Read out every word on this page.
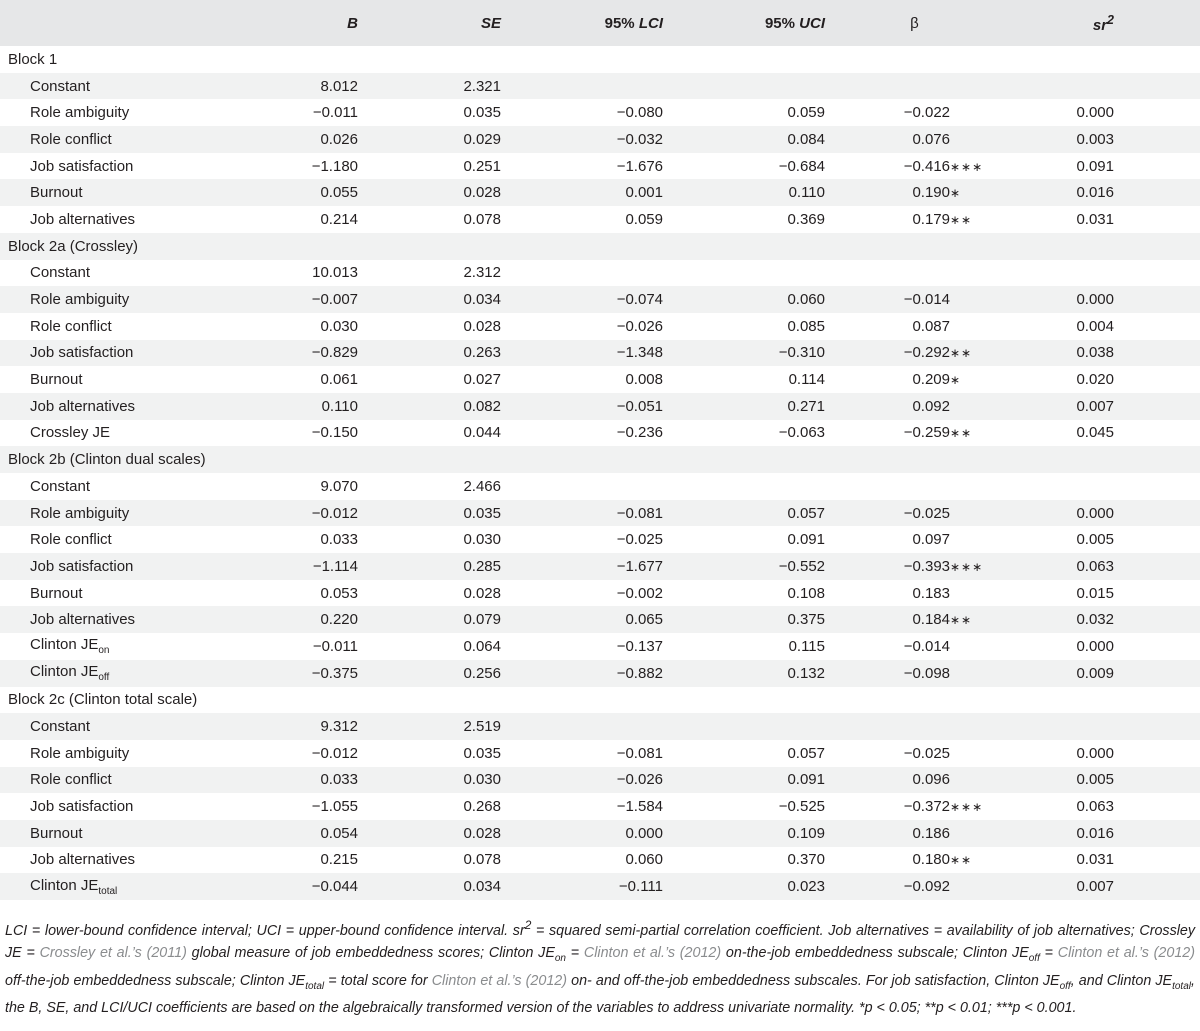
	B	SE	95% LCI	95% UCI	β	$sr^2$
Block 1						
Constant	8.012	2.321				
Role ambiguity	−0.011	0.035	−0.080	0.059	−0.022	0.000
Role conflict	0.026	0.029	−0.032	0.084	0.076	0.003
Job satisfaction	−1.180	0.251	−1.676	−0.684	−0.416∗∗∗	0.091
Burnout	0.055	0.028	0.001	0.110	0.190∗	0.016
Job alternatives	0.214	0.078	0.059	0.369	0.179∗∗	0.031
Block 2a (Crossley)						
Constant	10.013	2.312				
Role ambiguity	−0.007	0.034	−0.074	0.060	−0.014	0.000
Role conflict	0.030	0.028	−0.026	0.085	0.087	0.004
Job satisfaction	−0.829	0.263	−1.348	−0.310	−0.292∗∗	0.038
Burnout	0.061	0.027	0.008	0.114	0.209∗	0.020
Job alternatives	0.110	0.082	−0.051	0.271	0.092	0.007
Crossley JE	−0.150	0.044	−0.236	−0.063	−0.259∗∗	0.045
Block 2b (Clinton dual scales)						
Constant	9.070	2.466				
Role ambiguity	−0.012	0.035	−0.081	0.057	−0.025	0.000
Role conflict	0.033	0.030	−0.025	0.091	0.097	0.005
Job satisfaction	−1.114	0.285	−1.677	−0.552	−0.393∗∗∗	0.063
Burnout	0.053	0.028	−0.002	0.108	0.183	0.015
Job alternatives	0.220	0.079	0.065	0.375	0.184∗∗	0.032
Clinton $JE_{on}$	−0.011	0.064	−0.137	0.115	−0.014	0.000
Clinton $JE_{off}$	−0.375	0.256	−0.882	0.132	−0.098	0.009
Block 2c (Clinton total scale)						
Constant	9.312	2.519				
Role ambiguity	−0.012	0.035	−0.081	0.057	−0.025	0.000
Role conflict	0.033	0.030	−0.026	0.091	0.096	0.005
Job satisfaction	−1.055	0.268	−1.584	−0.525	−0.372∗∗∗	0.063
Burnout	0.054	0.028	0.000	0.109	0.186	0.016
Job alternatives	0.215	0.078	0.060	0.370	0.180∗∗	0.031
Clinton $JE_{total}$	−0.044	0.034	−0.111	0.023	−0.092	0.007
LCI = lower-bound confidence interval; UCI = upper-bound confidence interval. $sr^2$ = squared semi-partial correlation coefficient. Job alternatives = availability of job alternatives; Crossley JE = Crossley et al.’s (2011) global measure of job embeddedness scores; Clinton $JE_{on}$ = Clinton et al.’s (2012) on-the-job embeddedness subscale; Clinton $JE_{off}$ = Clinton et al.’s (2012) off-the-job embeddedness subscale; Clinton $JE_{total}$ = total score for Clinton et al.’s (2012) on- and off-the-job embeddedness subscales. For job satisfaction, Clinton $JE_{off}$, and Clinton $JE_{total}$, the B, SE, and LCI/UCI coefficients are based on the algebraically transformed version of the variables to address univariate normality. *p < 0.05; **p < 0.01; ***p < 0.001.
